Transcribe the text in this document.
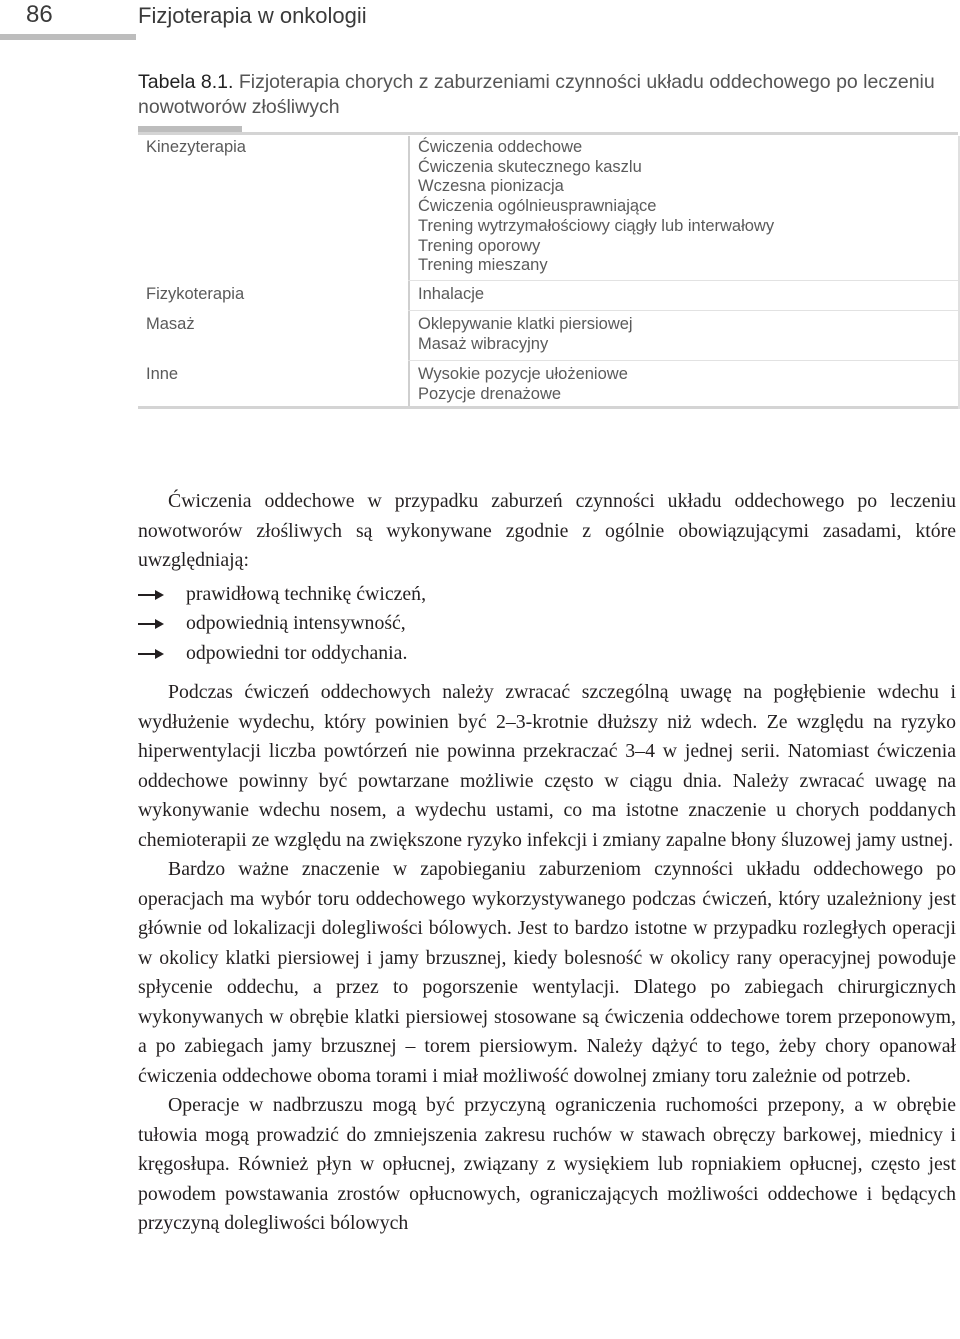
86	Fizjoterapia w onkologii
Tabela 8.1. Fizjoterapia chorych z zaburzeniami czynności układu oddechowego po leczeniu nowotworów złośliwych
Kinezyterapia	Ćwiczenia oddechowe
Ćwiczenia skutecznego kaszlu
Wczesna pionizacja
Ćwiczenia ogólnieusprawniające
Trening wytrzymałościowy ciągły lub interwałowy
Trening oporowy
Trening mieszany
Fizykoterapia	Inhalacje
Masaż	Oklepywanie klatki piersiowej
Masaż wibracyjny
Inne	Wysokie pozycje ułożeniowe
Pozycje drenażowe

Ćwiczenia oddechowe w przypadku zaburzeń czynności układu oddechowego po leczeniu nowotworów złośliwych są wykonywane zgodnie z ogólnie obowiązującymi zasadami, które uwzględniają:

prawidłową technikę ćwiczeń,
odpowiednią intensywność,
odpowiedni tor oddychania.

Podczas ćwiczeń oddechowych należy zwracać szczególną uwagę na pogłębienie wdechu i wydłużenie wydechu, który powinien być 2–3-krotnie dłuższy niż wdech. Ze względu na ryzyko hiperwentylacji liczba powtórzeń nie powinna przekraczać 3–4 w jednej serii. Natomiast ćwiczenia oddechowe powinny być powtarzane możliwie często w ciągu dnia. Należy zwracać uwagę na wykonywanie wdechu nosem, a wydechu ustami, co ma istotne znaczenie u chorych poddanych chemioterapii ze względu na zwiększone ryzyko infekcji i zmiany zapalne błony śluzowej jamy ustnej.

Bardzo ważne znaczenie w zapobieganiu zaburzeniom czynności układu oddechowego po operacjach ma wybór toru oddechowego wykorzystywanego podczas ćwiczeń, który uzależniony jest głównie od lokalizacji dolegliwości bólowych. Jest to bardzo istotne w przypadku rozległych operacji w okolicy klatki piersiowej i jamy brzusznej, kiedy bolesność w okolicy rany operacyjnej powoduje spłycenie oddechu, a przez to pogorszenie wentylacji. Dlatego po zabiegach chirurgicznych wykonywanych w obrębie klatki piersiowej stosowane są ćwiczenia oddechowe torem przeponowym, a po zabiegach jamy brzusznej – torem piersiowym. Należy dążyć to tego, żeby chory opanował ćwiczenia oddechowe oboma torami i miał możliwość dowolnej zmiany toru zależnie od potrzeb.

Operacje w nadbrzuszu mogą być przyczyną ograniczenia ruchomości przepony, a w obrębie tułowia mogą prowadzić do zmniejszenia zakresu ruchów w stawach obręczy barkowej, miednicy i kręgosłupa. Również płyn w opłucnej, związany z wysiękiem lub ropniakiem opłucnej, często jest powodem powstawania zrostów opłucnowych, ograniczających możliwości oddechowe i będących przyczyną dolegliwości bólowych
